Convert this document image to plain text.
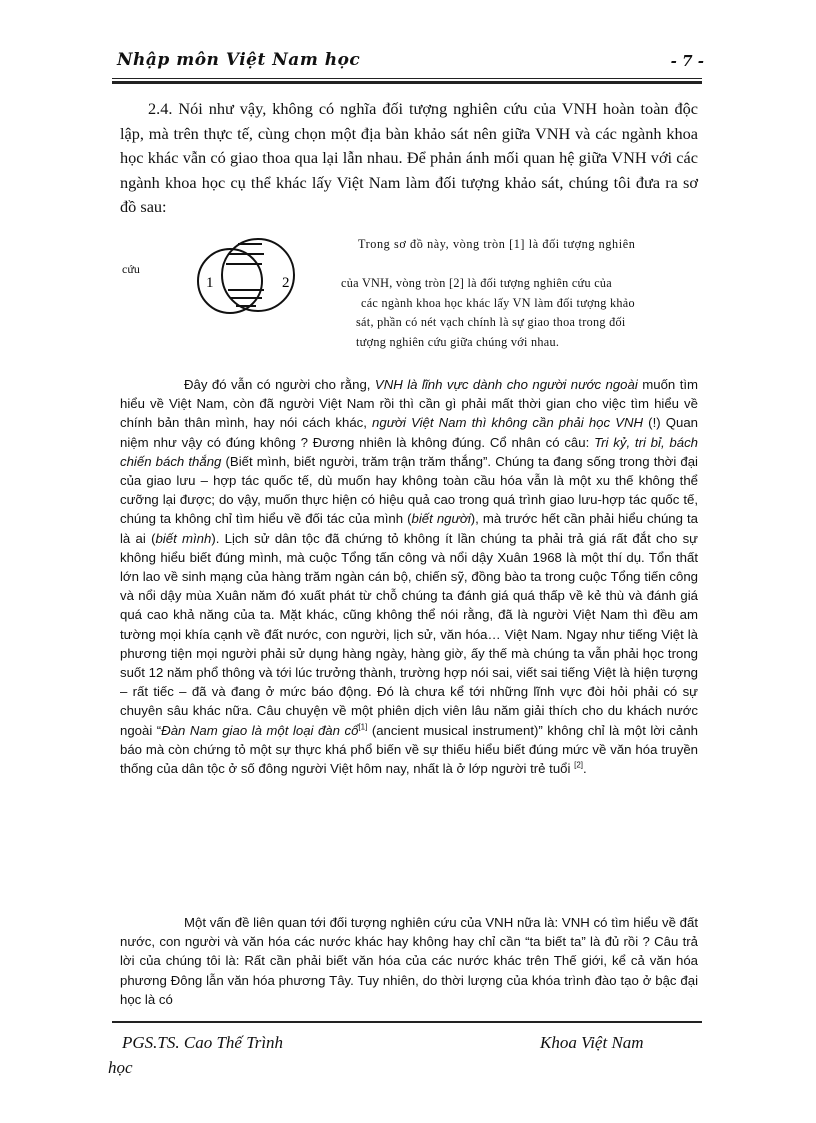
Nhập môn Việt Nam học	- 7 -

2.4. Nói như vậy, không có nghĩa đối tượng nghiên cứu của VNH hoàn toàn độc lập, mà trên thực tế, cùng chọn một địa bàn khảo sát nên giữa VNH và các ngành khoa học khác vẫn có giao thoa qua lại lẫn nhau. Để phản ánh mối quan hệ giữa VNH với các ngành khoa học cụ thể khác lấy Việt Nam làm đối tượng khảo sát, chúng tôi đưa ra sơ đồ sau:

cứu
1	2
Trong sơ đồ này, vòng tròn [1] là đối tượng nghiên
của VNH, vòng tròn [2] là đối tượng nghiên cứu của
các ngành khoa học khác lấy VN làm đối tượng khảo
sát, phần có nét vạch chính là sự giao thoa trong đối
tượng nghiên cứu giữa chúng với nhau.

Đây đó vẫn có người cho rằng, VNH là lĩnh vực dành cho người nước ngoài muốn tìm hiểu về Việt Nam, còn đã người Việt Nam rồi thì cần gì phải mất thời gian cho việc tìm hiểu về chính bản thân mình, hay nói cách khác, người Việt Nam thì không cần phải học VNH (!) Quan niệm như vậy có đúng không ? Đương nhiên là không đúng. Cổ nhân có câu: Tri kỷ, tri bỉ, bách chiến bách thắng (Biết mình, biết người, trăm trận trăm thắng”. Chúng ta đang sống trong thời đại của giao lưu – hợp tác quốc tế, dù muốn hay không toàn cầu hóa vẫn là một xu thế không thể cưỡng lại được; do vậy, muốn thực hiện có hiệu quả cao trong quá trình giao lưu-hợp tác quốc tế, chúng ta không chỉ tìm hiểu về đối tác của mình (biết người), mà trước hết cần phải hiểu chúng ta là ai (biết mình). Lịch sử dân tộc đã chứng tỏ không ít lần chúng ta phải trả giá rất đắt cho sự không hiểu biết đúng mình, mà cuộc Tổng tấn công và nổi dậy Xuân 1968 là một thí dụ. Tổn thất lớn lao về sinh mạng của hàng trăm ngàn cán bộ, chiến sỹ, đồng bào ta trong cuộc Tổng tiến công và nổi dậy mùa Xuân năm đó xuất phát từ chỗ chúng ta đánh giá quá thấp về kẻ thù và đánh giá quá cao khả năng của ta. Mặt khác, cũng không thể nói rằng, đã là người Việt Nam thì đều am tường mọi khía cạnh về đất nước, con người, lịch sử, văn hóa… Việt Nam. Ngay như tiếng Việt là phương tiện mọi người phải sử dụng hàng ngày, hàng giờ, ấy thế mà chúng ta vẫn phải học trong suốt 12 năm phổ thông và tới lúc trưởng thành, trường hợp nói sai, viết sai tiếng Việt là hiện tượng – rất tiếc – đã và đang ở mức báo động. Đó là chưa kể tới những lĩnh vực đòi hỏi phải có sự chuyên sâu khác nữa. Câu chuyện về một phiên dịch viên lâu năm giải thích cho du khách nước ngoài “Đàn Nam giao là một loại đàn cổ[1] (ancient musical instrument)” không chỉ là một lời cảnh báo mà còn chứng tỏ một sự thực khá phổ biến về sự thiếu hiểu biết đúng mức về văn hóa truyền thống của dân tộc ở số đông người Việt hôm nay, nhất là ở lớp người trẻ tuổi [2].

Một vấn đề liên quan tới đối tượng nghiên cứu của VNH nữa là: VNH có tìm hiểu về đất nước, con người và văn hóa các nước khác hay không hay chỉ cần “ta biết ta” là đủ rồi ? Câu trả lời của chúng tôi là: Rất cần phải biết văn hóa của các nước khác trên Thế giới, kể cả văn hóa phương Đông lẫn văn hóa phương Tây. Tuy nhiên, do thời lượng của khóa trình đào tạo ở bậc đại học là có

PGS.TS. Cao Thế Trình
học
Khoa Việt Nam
